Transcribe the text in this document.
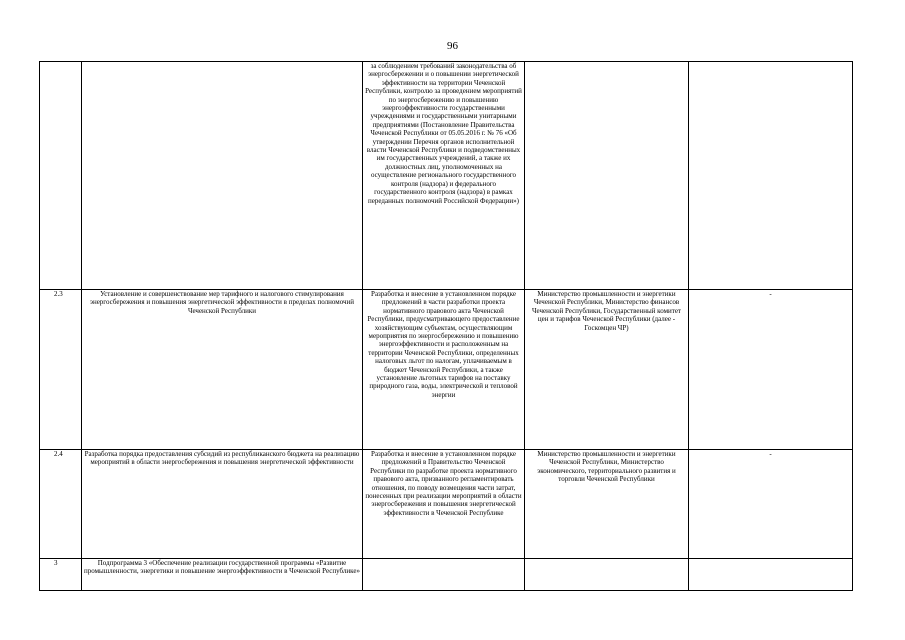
96
		за соблюдением требований законодательства об энергосбережении и о повышении энергетической эффективности на территории Чеченской Республики, контролю за проведением мероприятий по энергосбережению и повышению энергоэффективности государственными учреждениями и государственными унитарными предприятиями (Постановление Правительства Чеченской Республики от 05.05.2016 г. № 76 «Об утверждении Перечня органов исполнительной власти Чеченской Республики и подведомственных им государственных учреждений, а также их должностных лиц, уполномоченных на осуществление регионального государственного контроля (надзора) и федерального государственного контроля (надзора) в рамках переданных полномочий Российской Федерации»)		
2.3	Установление и совершенствование мер тарифного и налогового стимулирования энергосбережения и повышения энергетической эффективности в пределах полномочий Чеченской Республики	Разработка и внесение в установленном порядке предложений в части разработки проекта нормативного правового акта Чеченской Республики, предусматривающего предоставление хозяйствующим субъектам, осуществляющим мероприятия по энергосбережению и повышению энергоэффективности и расположенным на территории Чеченской Республики, определенных налоговых льгот по налогам, уплачиваемым в бюджет Чеченской Республики, а также установление льготных тарифов на поставку природного газа, воды, электрической и тепловой энергии	Министерство промышленности и энергетики Чеченской Республики, Министерство финансов Чеченской Республики, Государственный комитет цен и тарифов Чеченской Республики (далее - Госкомцен ЧР)	-
2.4	Разработка порядка предоставления субсидий из республиканского бюджета на реализацию мероприятий в области энергосбережения и повышения энергетической эффективности	Разработка и внесение в установленном порядке предложений в Правительство Чеченской Республики по разработке проекта нормативного правового акта, призванного регламентировать отношения, по поводу возмещения части затрат, понесенных при реализации мероприятий в области энергосбережения и повышения энергетической эффективности в Чеченской Республике	Министерство промышленности и энергетики Чеченской Республики, Министерство экономического, территориального развития и торговли Чеченской Республики	-
3	Подпрограмма 3 «Обеспечение реализации государственной программы «Развитие промышленности, энергетики и повышение энергоэффективности в Чеченской Республике»			
